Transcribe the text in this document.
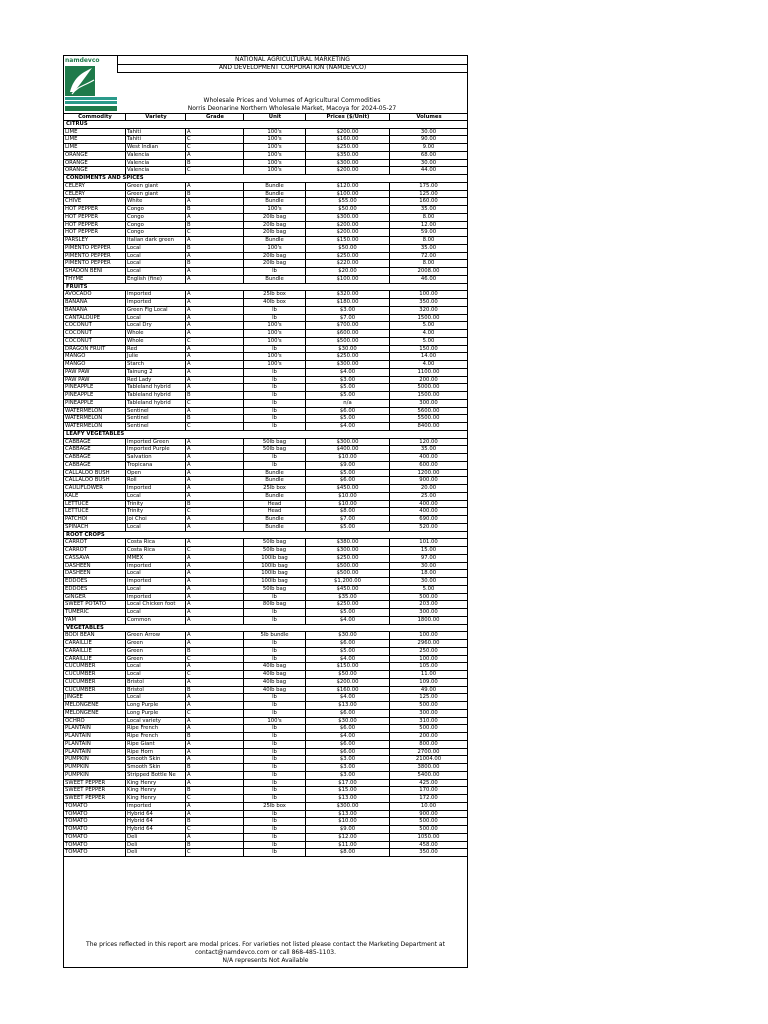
namdevco	NATIONAL AGRICULTURAL MARKETING
AND DEVELOPMENT CORPORATION (NAMDEVCO)
Wholesale Prices and Volumes of Agricultural Commodities
Norris Deonarine Northern Wholesale Market, Macoya for 2024-05-27
Commodity	Variety	Grade	Unit	Prices ($/Unit)	Volumes
CITRUS
LIME	Tahiti	A	100's	$200.00	30.00
LIME	Tahiti	C	100's	$160.00	90.00
LIME	West Indian	C	100's	$250.00	9.00
ORANGE	Valencia	A	100's	$350.00	68.00
ORANGE	Valencia	B	100's	$300.00	30.00
ORANGE	Valencia	C	100's	$200.00	44.00
CONDIMENTS AND SPICES
CELERY	Green giant	A	Bundle	$120.00	175.00
CELERY	Green giant	B	Bundle	$100.00	125.00
CHIVE	White	A	Bundle	$55.00	160.00
HOT PEPPER	Congo	B	100's	$50.00	35.00
HOT PEPPER	Congo	A	20lb bag	$300.00	8.00
HOT PEPPER	Congo	B	20lb bag	$200.00	12.00
HOT PEPPER	Congo	C	20lb bag	$200.00	59.00
PARSLEY	Italian dark green	A	Bundle	$150.00	8.00
PIMENTO PEPPER	Local	B	100's	$50.00	35.00
PIMENTO PEPPER	Local	A	20lb bag	$250.00	72.00
PIMENTO PEPPER	Local	B	20lb bag	$220.00	8.00
SHADON BENI	Local	A	lb	$20.00	2008.00
THYME	English (fine)	A	Bundle	$100.00	46.00
FRUITS
AVOCADO	Imported	A	25lb box	$320.00	100.00
BANANA	Imported	A	40lb box	$180.00	350.00
BANANA	Green Fig Local	A	lb	$3.00	320.00
CANTALOUPE	Local	A	lb	$7.00	1500.00
COCONUT	Local Dry	A	100's	$700.00	5.00
COCONUT	Whole	A	100's	$600.00	4.00
COCONUT	Whole	C	100's	$500.00	5.00
DRAGON FRUIT	Red	A	lb	$30.00	150.00
MANGO	Julie	A	100's	$250.00	14.00
MANGO	Starch	A	100's	$300.00	4.00
PAW PAW	Tainung 2	A	lb	$4.00	1100.00
PAW PAW	Red Lady	A	lb	$3.00	200.00
PINEAPPLE	Tableland hybrid	A	lb	$5.00	5000.00
PINEAPPLE	Tableland hybrid	B	lb	$5.00	1500.00
PINEAPPLE	Tableland hybrid	C	lb	n/a	300.00
WATERMELON	Sentinel	A	lb	$6.00	5600.00
WATERMELON	Sentinel	B	lb	$5.00	5500.00
WATERMELON	Sentinel	C	lb	$4.00	8400.00
LEAFY VEGETABLES
CABBAGE	Imported Green	A	50lb bag	$300.00	120.00
CABBAGE	Imported Purple	A	50lb bag	$400.00	35.00
CABBAGE	Salvation	A	lb	$10.00	400.00
CABBAGE	Tropicana	A	lb	$9.00	600.00
CALLALOO BUSH	Open	A	Bundle	$5.00	1200.00
CALLALOO BUSH	Roll	A	Bundle	$6.00	900.00
CAULIFLOWER	Imported	A	25lb box	$450.00	20.00
KALE	Local	A	Bundle	$10.00	25.00
LETTUCE	Trinity	B	Head	$10.00	400.00
LETTUCE	Trinity	C	Head	$8.00	400.00
PATCHOI	Joi Choi	A	Bundle	$7.00	690.00
SPINACH	Local	A	Bundle	$5.00	520.00
ROOT CROPS
CARROT	Costa Rica	A	50lb bag	$380.00	101.00
CARROT	Costa Rica	C	50lb bag	$300.00	15.00
CASSAVA	MMEX	A	100lb bag	$250.00	97.00
DASHEEN	Imported	A	100lb bag	$500.00	30.00
DASHEEN	Local	A	100lb bag	$500.00	18.00
EDDOES	Imported	A	100lb bag	$1,200.00	30.00
EDDOES	Local	A	50lb bag	$450.00	5.00
GINGER	Imported	A	lb	$35.00	500.00
SWEET POTATO	Local Chicken foot	A	80lb bag	$250.00	203.00
TUMERIC	Local	A	lb	$5.00	300.00
YAM	Common	A	lb	$4.00	1800.00
VEGETABLES
BODI BEAN	Green Arrow	A	5lb bundle	$30.00	100.00
CARAILLIE	Green	A	lb	$6.00	2960.00
CARAILLIE	Green	B	lb	$5.00	250.00
CARAILLIE	Green	C	lb	$4.00	100.00
CUCUMBER	Local	A	40lb bag	$150.00	105.00
CUCUMBER	Local	C	40lb bag	$50.00	11.00
CUCUMBER	Bristol	A	40lb bag	$200.00	109.00
CUCUMBER	Bristol	B	40lb bag	$160.00	49.00
JINGEE	Local	A	lb	$4.00	125.00
MELONGENE	Long Purple	A	lb	$13.00	500.00
MELONGENE	Long Purple	C	lb	$6.00	300.00
OCHRO	Local variety	A	100's	$30.00	310.00
PLANTAIN	Ripe French	A	lb	$6.00	500.00
PLANTAIN	Ripe French	B	lb	$4.00	200.00
PLANTAIN	Ripe Giant	A	lb	$6.00	800.00
PLANTAIN	Ripe Horn	A	lb	$6.00	2700.00
PUMPKIN	Smooth Skin	A	lb	$3.00	21004.00
PUMPKIN	Smooth Skin	B	lb	$3.00	3800.00
PUMPKIN	Stripped Bottle Ne	A	lb	$3.00	5400.00
SWEET PEPPER	King Henry	A	lb	$17.00	425.00
SWEET PEPPER	King Henry	B	lb	$15.00	170.00
SWEET PEPPER	King Henry	C	lb	$13.00	172.00
TOMATO	Imported	A	25lb box	$300.00	10.00
TOMATO	Hybrid 64	A	lb	$13.00	900.00
TOMATO	Hybrid 64	B	lb	$10.00	500.00
TOMATO	Hybrid 64	C	lb	$9.00	500.00
TOMATO	Deli	A	lb	$12.00	1050.00
TOMATO	Deli	B	lb	$11.00	458.00
TOMATO	Deli	C	lb	$8.00	350.00
The prices reflected in this report are modal prices. For varieties not listed please contact the Marketing Department at
contact@namdevco.com or call 868-485-1103.
N/A represents Not Available
